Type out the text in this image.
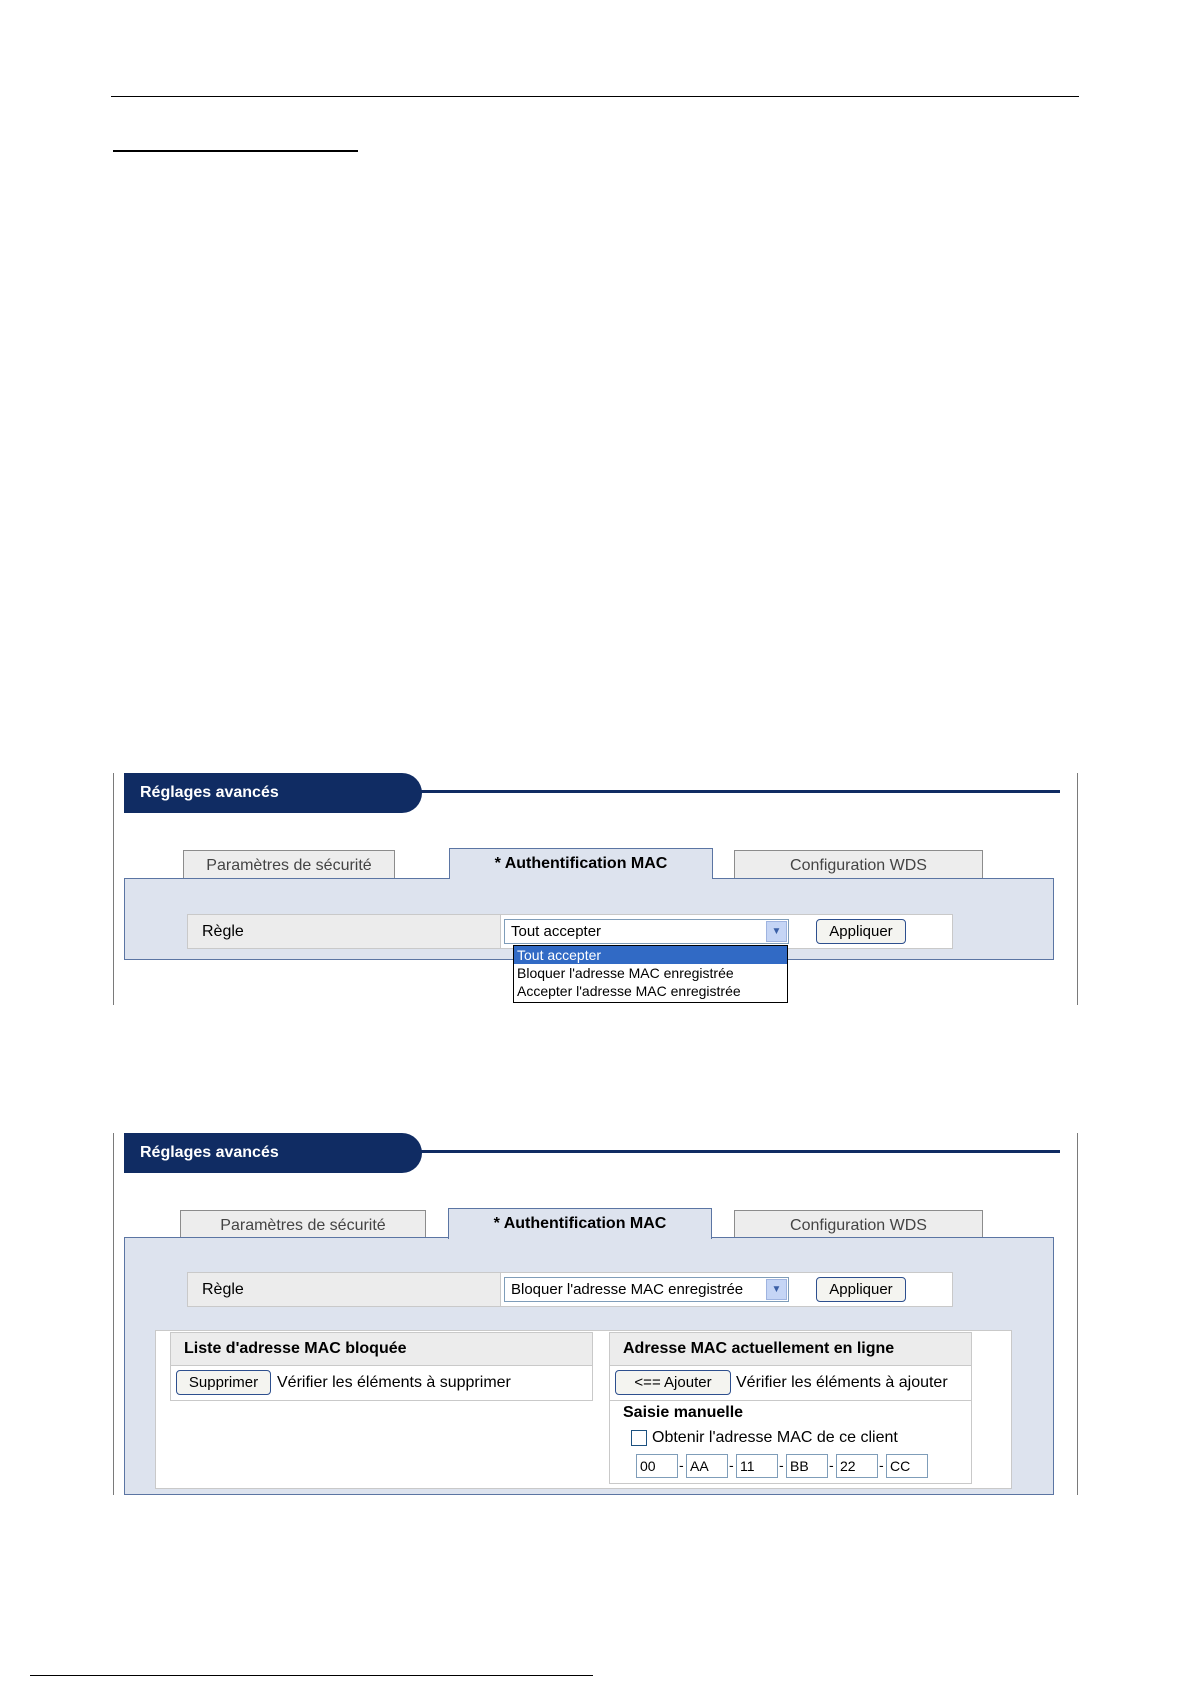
Réglages avancés
Paramètres de sécurité	* Authentification MAC	Configuration WDS
Règle	Tout accepter	▼	Appliquer
Tout accepter
Bloquer l'adresse MAC enregistrée
Accepter l'adresse MAC enregistrée
Réglages avancés
Paramètres de sécurité	* Authentification MAC	Configuration WDS
Règle	Bloquer l'adresse MAC enregistrée	▼	Appliquer
Liste d'adresse MAC bloquée
Supprimer	Vérifier les éléments à supprimer
Adresse MAC actuellement en ligne
<== Ajouter	Vérifier les éléments à ajouter
Saisie manuelle
Obtenir l'adresse MAC de ce client
00	- AA	- 11	- BB	- 22	- CC
